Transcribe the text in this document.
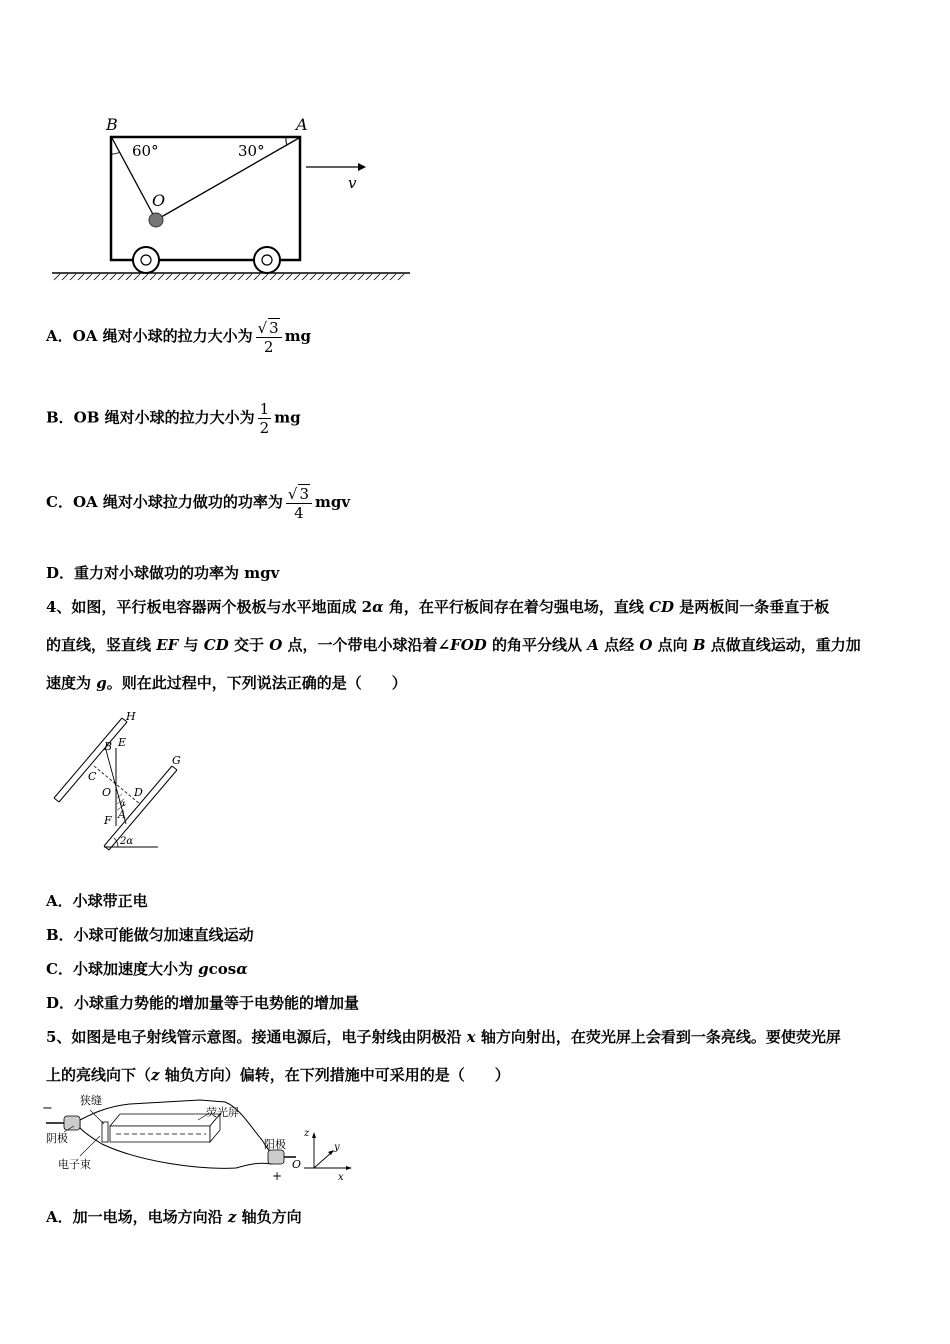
B	A
O
v
60°	30°
A．OA 绳对小球的拉力大小为 $\frac{√ 3}{2}$ mg
B．OB 绳对小球的拉力大小为 $\frac{1}{2}$ mg
C．OA 绳对小球拉力做功的功率为 $\frac{√ 3}{4}$ mgv
D．重力对小球做功的功率为 mgv
4、如图，平行板电容器两个极板与水平地面成 2α 角，在平行板间存在着匀强电场，直线 CD 是两板间一条垂直于板
的直线，竖直线 EF 与 CD 交于 O 点，一个带电小球沿着∠FOD 的角平分线从 A 点经 O 点向 B 点做直线运动，重力加
速度为 g。则在此过程中，下列说法正确的是（　　）
H
B E
C
G
O D
α
F A
2α
A．小球带正电
B．小球可能做匀加速直线运动
C．小球加速度大小为 gcosα
D．小球重力势能的增加量等于电势能的增加量
5、如图是电子射线管示意图。接通电源后，电子射线由阴极沿 x 轴方向射出，在荧光屏上会看到一条亮线。要使荧光屏
上的亮线向下（z 轴负方向）偏转，在下列措施中可采用的是（　　）
−
狭缝
荧光屏
阴极
电子束
阳极
+
z
y
x
O
A．加一电场，电场方向沿 z 轴负方向
